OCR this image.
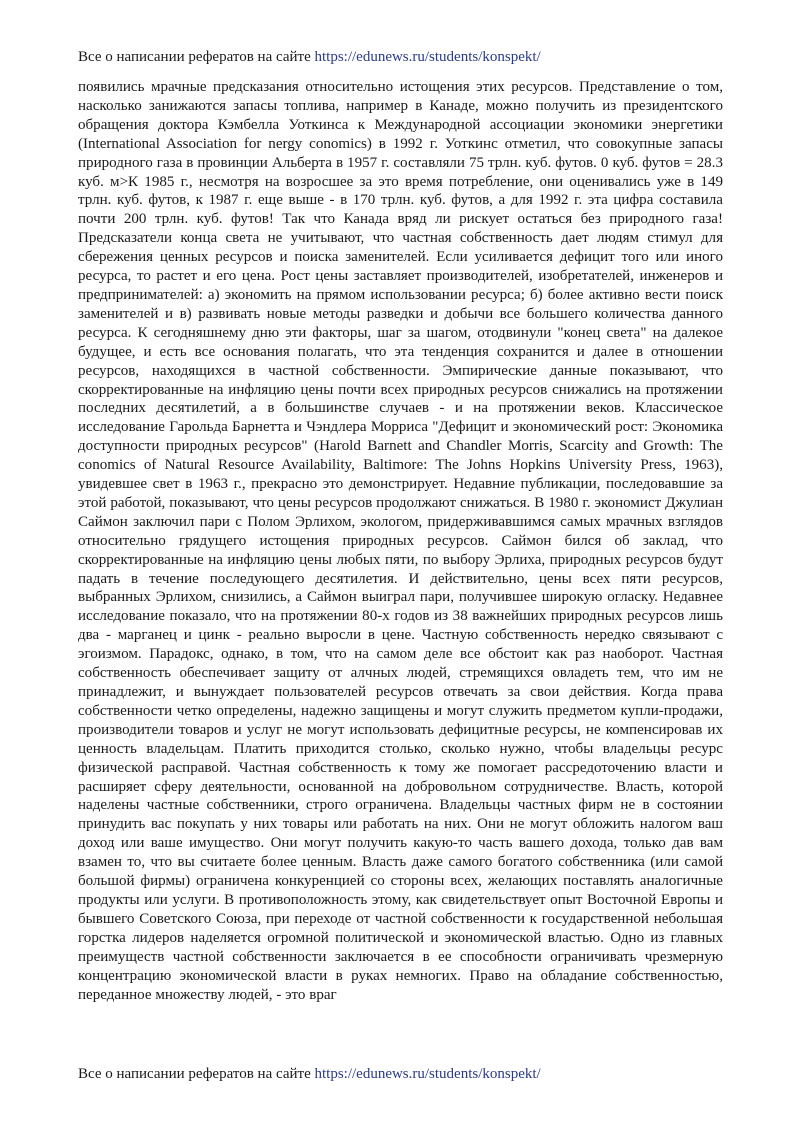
Все о написании рефератов на сайте https://edunews.ru/students/konspekt/

появились мрачные предсказания относительно истощения этих ресурсов. Представление о том, насколько занижаются запасы топлива, например в Канаде, можно получить из президентского обращения доктора Кэмбелла Уоткинса к Международной ассоциации экономики энергетики (International Association for nergy conomics) в 1992 г. Уоткинс отметил, что совокупные запасы природного газа в провинции Альберта в 1957 г. составляли 75 трлн. куб. футов. 0 куб. футов = 28.3 куб. м>К 1985 г., несмотря на возросшее за это время потребление, они оценивались уже в 149 трлн. куб. футов, к 1987 г. еще выше - в 170 трлн. куб. футов, а для 1992 г. эта цифра составила почти 200 трлн. куб. футов! Так что Канада вряд ли рискует остаться без природного газа! Предсказатели конца света не учитывают, что частная собственность дает людям стимул для сбережения ценных ресурсов и поиска заменителей. Если усиливается дефицит того или иного ресурса, то растет и его цена. Рост цены заставляет производителей, изобретателей, инженеров и предпринимателей: а) экономить на прямом использовании ресурса; б) более активно вести поиск заменителей и в) развивать новые методы разведки и добычи все большего количества данного ресурса. К сегодняшнему дню эти факторы, шаг за шагом, отодвинули "конец света" на далекое будущее, и есть все основания полагать, что эта тенденция сохранится и далее в отношении ресурсов, находящихся в частной собственности. Эмпирические данные показывают, что скорректированные на инфляцию цены почти всех природных ресурсов снижались на протяжении последних десятилетий, а в большинстве случаев - и на протяжении веков. Классическое исследование Гарольда Барнетта и Чэндлера Морриса "Дефицит и экономический рост: Экономика доступности природных ресурсов" (Harold Barnett and Chandler Morris, Scarcity and Growth: The conomics of Natural Resource Availability, Baltimore: The Johns Hopkins University Press, 1963), увидевшее свет в 1963 г., прекрасно это демонстрирует. Недавние публикации, последовавшие за этой работой, показывают, что цены ресурсов продолжают снижаться. В 1980 г. экономист Джулиан Саймон заключил пари с Полом Эрлихом, экологом, придерживавшимся самых мрачных взглядов относительно грядущего истощения природных ресурсов. Саймон бился об заклад, что скорректированные на инфляцию цены любых пяти, по выбору Эрлиха, природных ресурсов будут падать в течение последующего десятилетия. И действительно, цены всех пяти ресурсов, выбранных Эрлихом, снизились, а Саймон выиграл пари, получившее широкую огласку. Недавнее исследование показало, что на протяжении 80-х годов из 38 важнейших природных ресурсов лишь два - марганец и цинк - реально выросли в цене. Частную собственность нередко связывают с эгоизмом. Парадокс, однако, в том, что на самом деле все обстоит как раз наоборот. Частная собственность обеспечивает защиту от алчных людей, стремящихся овладеть тем, что им не принадлежит, и вынуждает пользователей ресурсов отвечать за свои действия. Когда права собственности четко определены, надежно защищены и могут служить предметом купли-продажи, производители товаров и услуг не могут использовать дефицитные ресурсы, не компенсировав их ценность владельцам. Платить приходится столько, сколько нужно, чтобы владельцы ресурс физической расправой. Частная собственность к тому же помогает рассредоточению власти и расширяет сферу деятельности, основанной на добровольном сотрудничестве. Власть, которой наделены частные собственники, строго ограничена. Владельцы частных фирм не в состоянии принудить вас покупать у них товары или работать на них. Они не могут обложить налогом ваш доход или ваше имущество. Они могут получить какую-то часть вашего дохода, только дав вам взамен то, что вы считаете более ценным. Власть даже самого богатого собственника (или самой большой фирмы) ограничена конкуренцией со стороны всех, желающих поставлять аналогичные продукты или услуги. В противоположность этому, как свидетельствует опыт Восточной Европы и бывшего Советского Союза, при переходе от частной собственности к государственной небольшая горстка лидеров наделяется огромной политической и экономической властью. Одно из главных преимуществ частной собственности заключается в ее способности ограничивать чрезмерную концентрацию экономической власти в руках немногих. Право на обладание собственностью, переданное множеству людей, - это враг

Все о написании рефератов на сайте https://edunews.ru/students/konspekt/
